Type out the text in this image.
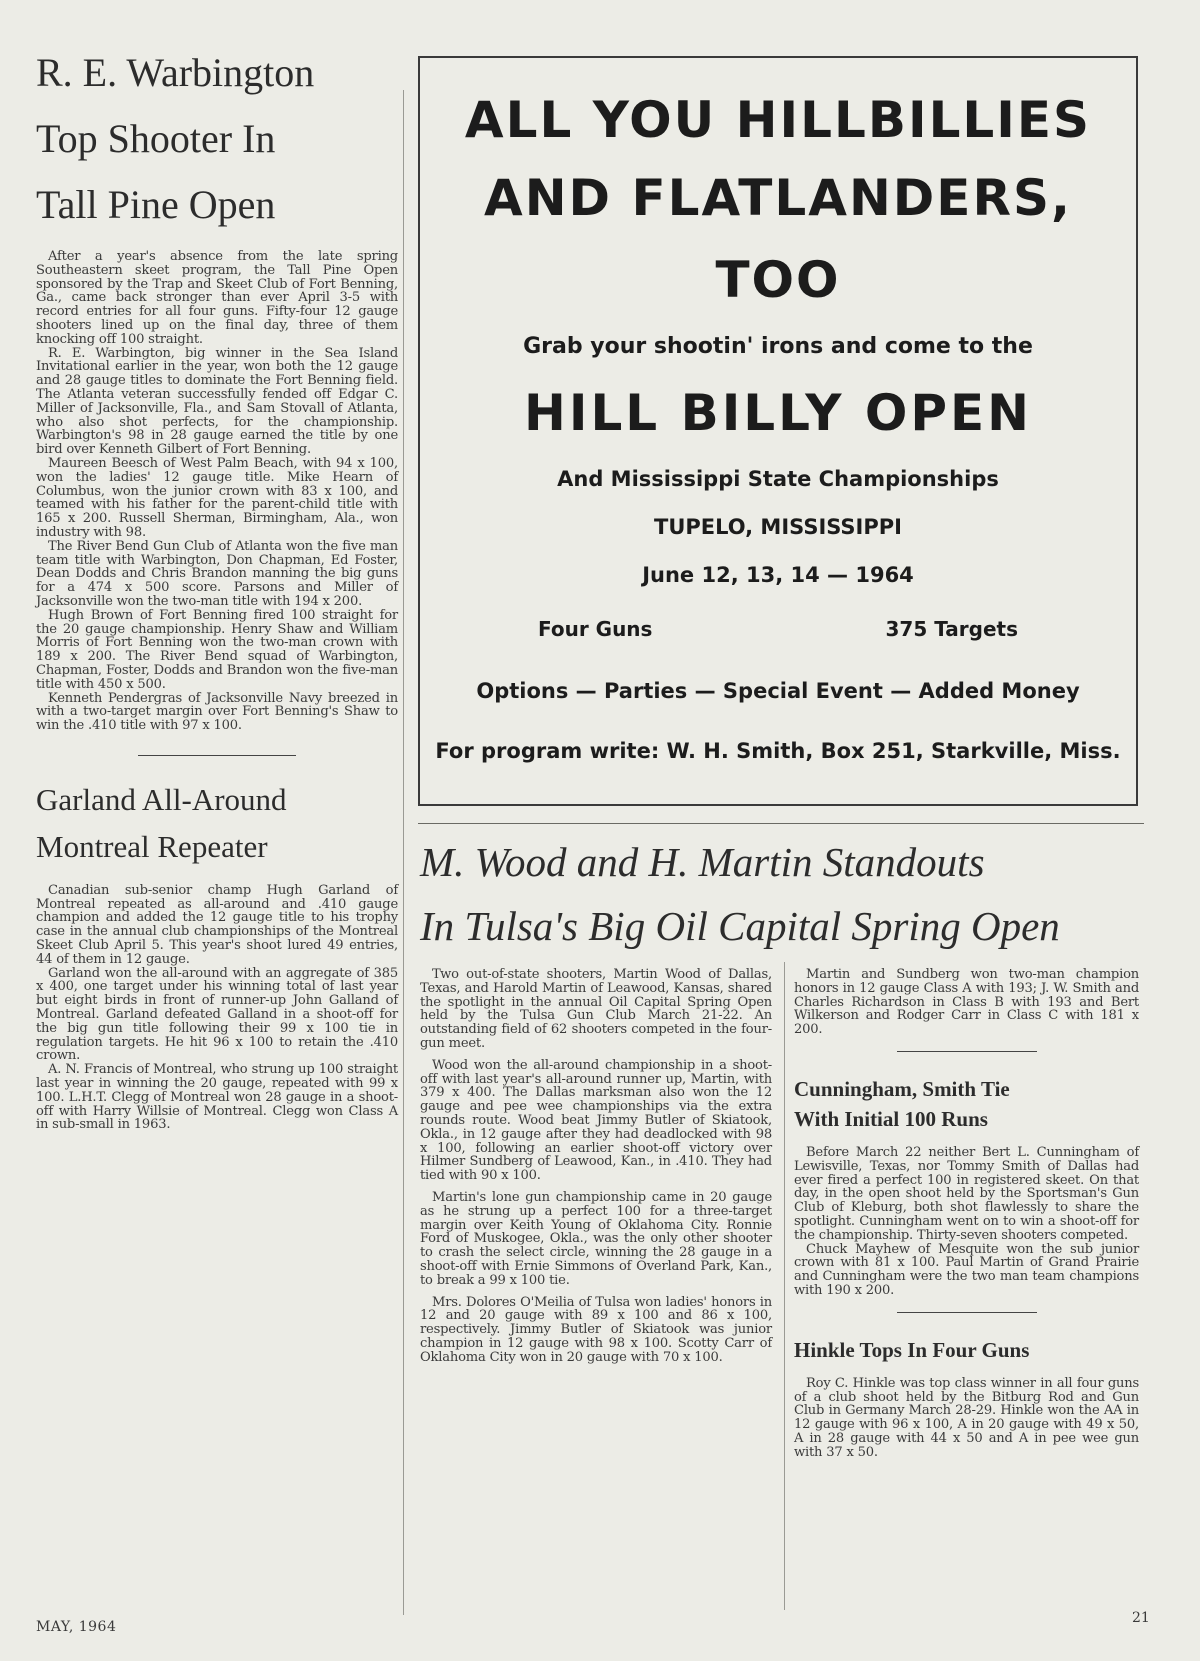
R. E. Warbington
Top Shooter In
Tall Pine Open

After a year's absence from the late spring Southeastern skeet program, the Tall Pine Open sponsored by the Trap and Skeet Club of Fort Benning, Ga., came back stronger than ever April 3-5 with record entries for all four guns. Fifty-four 12 gauge shooters lined up on the final day, three of them knocking off 100 straight.

R. E. Warbington, big winner in the Sea Island Invitational earlier in the year, won both the 12 gauge and 28 gauge titles to dominate the Fort Benning field. The Atlanta veteran successfully fended off Edgar C. Miller of Jacksonville, Fla., and Sam Stovall of Atlanta, who also shot perfects, for the championship. Warbington's 98 in 28 gauge earned the title by one bird over Kenneth Gilbert of Fort Benning.

Maureen Beesch of West Palm Beach, with 94 x 100, won the ladies' 12 gauge title. Mike Hearn of Columbus, won the junior crown with 83 x 100, and teamed with his father for the parent-child title with 165 x 200. Russell Sherman, Birmingham, Ala., won industry with 98.

The River Bend Gun Club of Atlanta won the five man team title with Warbington, Don Chapman, Ed Foster, Dean Dodds and Chris Brandon manning the big guns for a 474 x 500 score. Parsons and Miller of Jacksonville won the two-man title with 194 x 200.

Hugh Brown of Fort Benning fired 100 straight for the 20 gauge championship. Henry Shaw and William Morris of Fort Benning won the two-man crown with 189 x 200. The River Bend squad of Warbington, Chapman, Foster, Dodds and Brandon won the five-man title with 450 x 500.

Kenneth Pendergras of Jacksonville Navy breezed in with a two-target margin over Fort Benning's Shaw to win the .410 title with 97 x 100.

Garland All-Around
Montreal Repeater

Canadian sub-senior champ Hugh Garland of Montreal repeated as all-around and .410 gauge champion and added the 12 gauge title to his trophy case in the annual club championships of the Montreal Skeet Club April 5. This year's shoot lured 49 entries, 44 of them in 12 gauge.

Garland won the all-around with an aggregate of 385 x 400, one target under his winning total of last year but eight birds in front of runner-up John Galland of Montreal. Garland defeated Galland in a shoot-off for the big gun title following their 99 x 100 tie in regulation targets. He hit 96 x 100 to retain the .410 crown.

A. N. Francis of Montreal, who strung up 100 straight last year in winning the 20 gauge, repeated with 99 x 100. L.H.T. Clegg of Montreal won 28 gauge in a shoot-off with Harry Willsie of Montreal. Clegg won Class A in sub-small in 1963.

ALL YOU HILLBILLIES
AND FLATLANDERS,
TOO
Grab your shootin' irons and come to the
HILL BILLY OPEN
And Mississippi State Championships
TUPELO, MISSISSIPPI
June 12, 13, 14 — 1964
Four Guns	375 Targets
Options — Parties — Special Event — Added Money
For program write: W. H. Smith, Box 251, Starkville, Miss.
M. Wood and H. Martin Standouts
In Tulsa's Big Oil Capital Spring Open

Two out-of-state shooters, Martin Wood of Dallas, Texas, and Harold Martin of Leawood, Kansas, shared the spotlight in the annual Oil Capital Spring Open held by the Tulsa Gun Club March 21-22. An outstanding field of 62 shooters competed in the four-gun meet.

Wood won the all-around championship in a shoot-off with last year's all-around runner up, Martin, with 379 x 400. The Dallas marksman also won the 12 gauge and pee wee championships via the extra rounds route. Wood beat Jimmy Butler of Skiatook, Okla., in 12 gauge after they had deadlocked with 98 x 100, following an earlier shoot-off victory over Hilmer Sundberg of Leawood, Kan., in .410. They had tied with 90 x 100.

Martin's lone gun championship came in 20 gauge as he strung up a perfect 100 for a three-target margin over Keith Young of Oklahoma City. Ronnie Ford of Muskogee, Okla., was the only other shooter to crash the select circle, winning the 28 gauge in a shoot-off with Ernie Simmons of Overland Park, Kan., to break a 99 x 100 tie.

Mrs. Dolores O'Meilia of Tulsa won ladies' honors in 12 and 20 gauge with 89 x 100 and 86 x 100, respectively. Jimmy Butler of Skiatook was junior champion in 12 gauge with 98 x 100. Scotty Carr of Oklahoma City won in 20 gauge with 70 x 100.

Martin and Sundberg won two-man champion honors in 12 gauge Class A with 193; J. W. Smith and Charles Richardson in Class B with 193 and Bert Wilkerson and Rodger Carr in Class C with 181 x 200.

Cunningham, Smith Tie
With Initial 100 Runs

Before March 22 neither Bert L. Cunningham of Lewisville, Texas, nor Tommy Smith of Dallas had ever fired a perfect 100 in registered skeet. On that day, in the open shoot held by the Sportsman's Gun Club of Kleburg, both shot flawlessly to share the spotlight. Cunningham went on to win a shoot-off for the championship. Thirty-seven shooters competed.

Chuck Mayhew of Mesquite won the sub junior crown with 81 x 100. Paul Martin of Grand Prairie and Cunningham were the two man team champions with 190 x 200.

Hinkle Tops In Four Guns

Roy C. Hinkle was top class winner in all four guns of a club shoot held by the Bitburg Rod and Gun Club in Germany March 28-29. Hinkle won the AA in 12 gauge with 96 x 100, A in 20 gauge with 49 x 50, A in 28 gauge with 44 x 50 and A in pee wee gun with 37 x 50.

MAY, 1964
21
